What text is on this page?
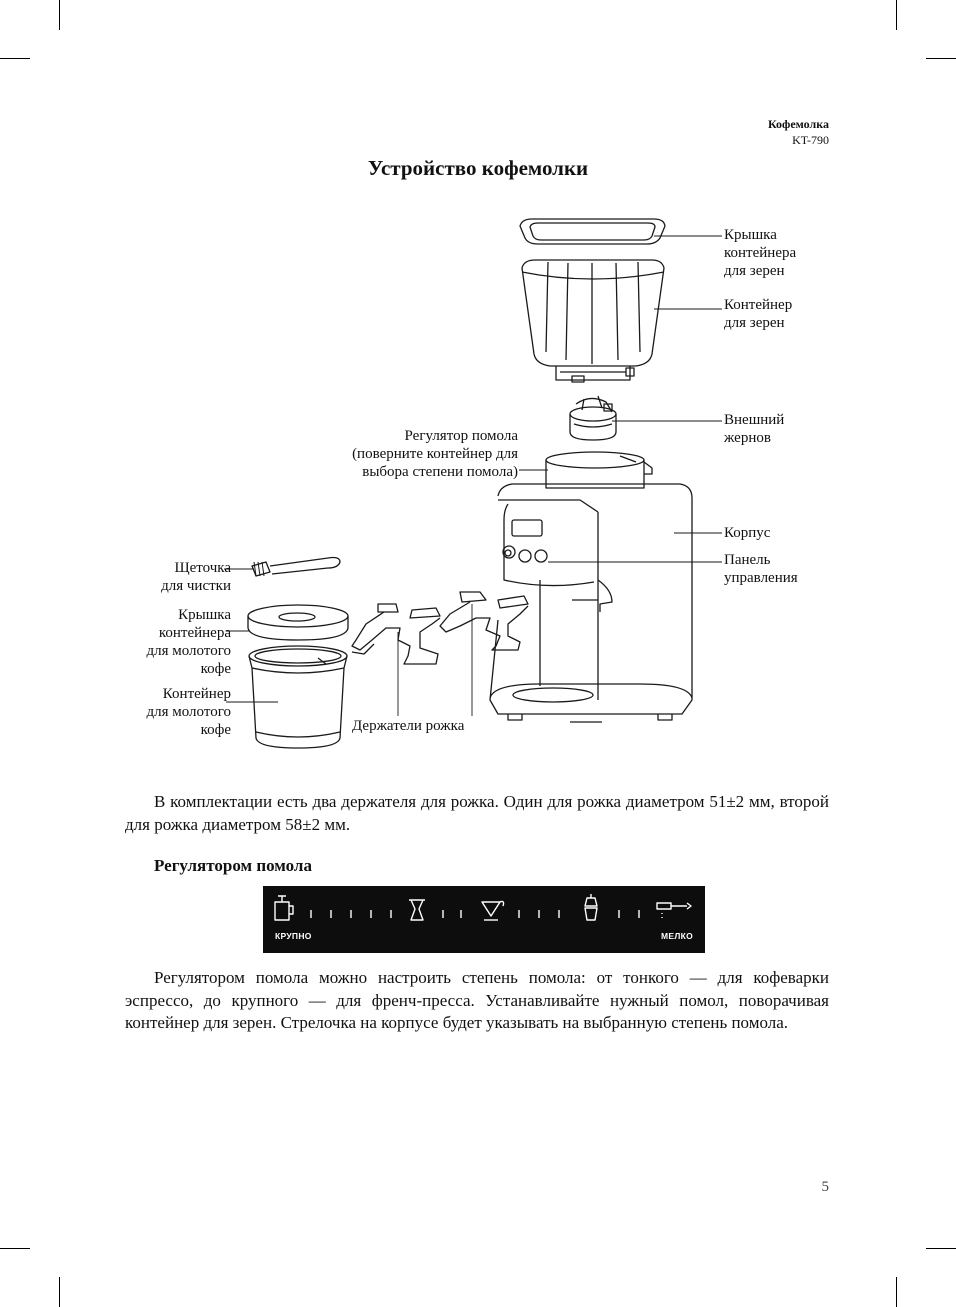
Кофемолка
KT-790
Устройство кофемолки
Крышка
контейнера
для зерен
Контейнер
для зерен
Внешний
жернов
Регулятор помола
(поверните контейнер для
выбора степени помола)
Корпус
Панель
управления
Щеточка
для чистки
Крышка
контейнера
для молотого
кофе
Контейнер
для молотого
кофе	Держатели рожка
В комплектации есть два держателя для рожка. Один для рожка диаметром 51±2 мм, второй для рожка диаметром 58±2 мм.
Регулятором помола
КРУПНО	МЕЛКО
Регулятором помола можно настроить степень помола: от тонкого — для кофеварки эспрессо, до крупного — для френч-пресса. Устанавливайте нужный помол, поворачивая контейнер для зерен. Стрелочка на корпусе будет указывать на выбранную степень помола.
5
